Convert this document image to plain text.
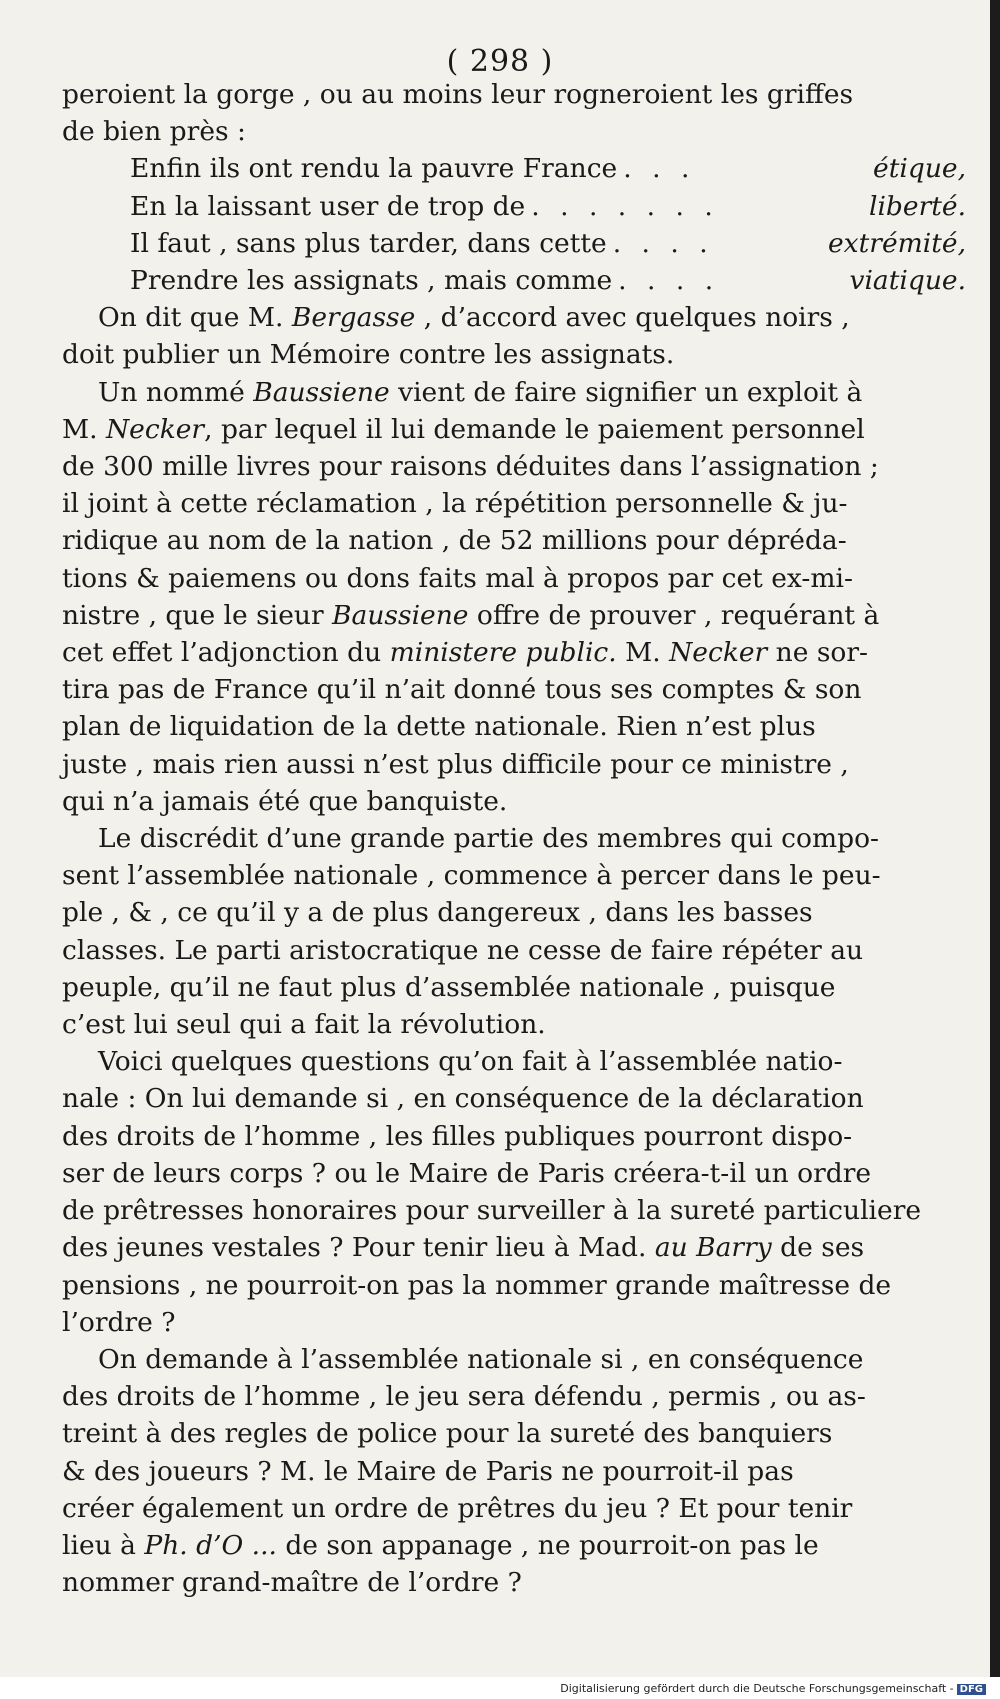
( 298 )
peroient la gorge , ou au moins leur rogneroient les griffes
de bien près :
Enfin ils ont rendu la pauvre France . . .	étique,
En la laissant user de trop de . . . . . . .	liberté.
Il faut , sans plus tarder, dans cette . . . .	extrémité,
Prendre les assignats , mais comme . . . .	viatique.
On dit que M. Bergasse , d’accord avec quelques noirs ,
doit publier un Mémoire contre les assignats.
Un nommé Baussiene vient de faire signifier un exploit à
M. Necker, par lequel il lui demande le paiement personnel
de 300 mille livres pour raisons déduites dans l’assignation ;
il joint à cette réclamation , la répétition personnelle & ju-
ridique au nom de la nation , de 52 millions pour déprédа-
tions & paiemens ou dons faits mal à propos par cet ex-mi-
nistre , que le sieur Baussiene offre de prouver , requérant à
cet effet l’adjonction du ministere public. M. Necker ne sor-
tira pas de France qu’il n’ait donné tous ses comptes & son
plan de liquidation de la dette nationale. Rien n’est plus
juste , mais rien aussi n’est plus difficile pour ce ministre ,
qui n’a jamais été que banquiste.
Le discrédit d’une grande partie des membres qui compo-
sent l’assemblée nationale , commence à percer dans le peu-
ple , & , ce qu’il y a de plus dangereux , dans les basses
classes. Le parti aristocratique ne cesse de faire répéter au
peuple, qu’il ne faut plus d’assemblée nationale , puisque
c’est lui seul qui a fait la révolution.
Voici quelques questions qu’on fait à l’assemblée natio-
nale : On lui demande si , en conséquence de la déclaration
des droits de l’homme , les filles publiques pourront dispo-
ser de leurs corps ? ou le Maire de Paris créera-t-il un ordre
de prêtresses honoraires pour surveiller à la sureté particuliere
des jeunes vestales ? Pour tenir lieu à Mad. au Barry de ses
pensions , ne pourroit-on pas la nommer grande maîtresse de
l’ordre ?
On demande à l’assemblée nationale si , en conséquence
des droits de l’homme , le jeu sera défendu , permis , ou as-
treint à des regles de police pour la sureté des banquiers
& des joueurs ? M. le Maire de Paris ne pourroit-il pas
créer également un ordre de prêtres du jeu ? Et pour tenir
lieu à Ph. d’O ... de son appanage , ne pourroit-on pas le
nommer grand-maître de l’ordre ?
Digitalisierung gefördert durch die Deutsche Forschungsgemeinschaft - DFG
